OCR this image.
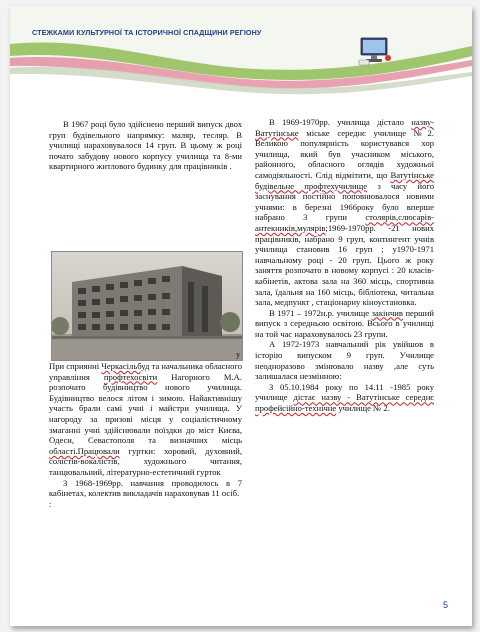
СТЕЖКАМИ КУЛЬТУРНОЇ ТА ІСТОРИЧНОЇ СПАДЩИНИ РЕГІОНУ

В 1967 році було здійснено перший випуск двох груп будівельного напрямку: маляр, тесляр. В училищі нараховувалося 14 груп. В цьому ж році почато забудову нового корпусу училища та 8-ми квартирного житлового будинку для працівників .

у

При сприянні Черкасільбуд та начальника обласного управління профтехосвіти Нагорного М.А. розпочато будівництво нового училища. Будівництво велося літом і зимою. Найактивнішу участь брали самі учні і майстри училища. У нагороду за призові місця у соціалістичному змаганні учні здійснювали поїздки до міст Києва, Одеси, Севастополя та визначних місць області.Працювали гуртки: хоровий, духовний, солістів-вокалістів, художнього читання, танцювальний, літературно-естетичний гурток

З 1968-1969рр. навчання проводилось в 7 кабінетах, колектив викладачів нараховував 11 осіб.

:

В 1969-1970рр. училища дістало назву-Ватутінське міське середнє училище №2. Великою популярність користувався хор училища, який був учасником міського, районного, обласного оглядів художньої самодіяльності. Слід відмітити, що Ватутінське будівельне профтехучилище з часу його заснування постійно поповнювалося новими учнями: в березні 1966року було вперше набрано 3 групи столярів,слюсарів-антекників,мулярів;1969-1970рр. -21 нових працівників, набрано 9 груп, контингент учнів училища становив 16 груп ; у1970-1971 навчальному році - 20 груп. Цього ж року заняття розпочато в новому корпусі : 20 класів-кабінетів, актова зала на 360 місць, спортивна зала, їдальня на 160 місць, бібліотека, читальна зала, медпункт , стаціонарну кіноустановка.

В 1971 – 1972н.р. училище закінчив перший випуск з середньою освітою. Всього в училищі на той час нараховувалось 23 групи.

А 1972-1973 навчальний рік увійшов в історію випуском 9 груп. Училище неодноразово змінювало назву ,але суть залишалася незмінною:

З 05.10.1984 року по 14.11 -1985 року училище дістає назву - Ватутінське середнє профейсійно-технічне училище № 2.

5
